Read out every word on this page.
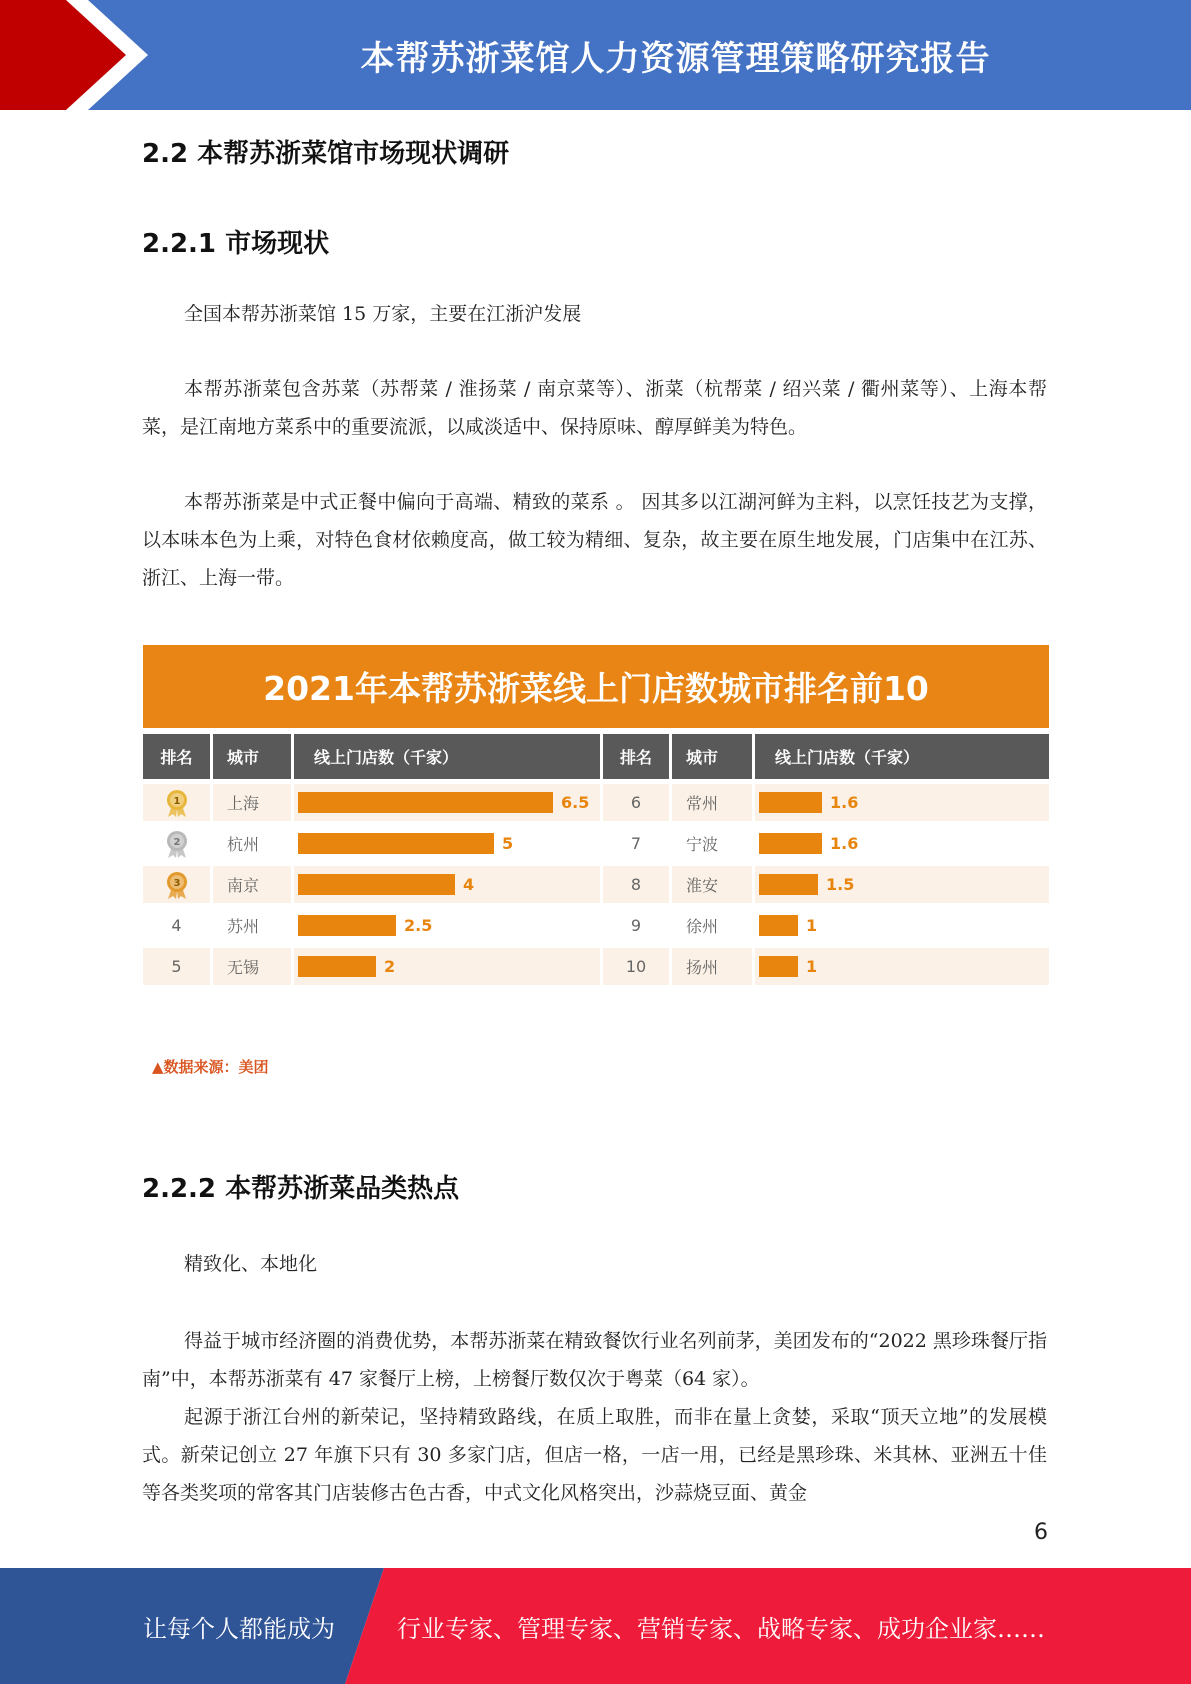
本帮苏浙菜馆人力资源管理策略研究报告
2.2 本帮苏浙菜馆市场现状调研
2.2.1 市场现状

全国本帮苏浙菜馆 15 万家，主要在江浙沪发展

本帮苏浙菜包含苏菜（苏帮菜 / 淮扬菜 / 南京菜等）、浙菜（杭帮菜 / 绍兴菜 / 衢州菜等）、上海本帮菜，是江南地方菜系中的重要流派，以咸淡适中、保持原味、醇厚鲜美为特色。

本帮苏浙菜是中式正餐中偏向于高端、精致的菜系 。 因其多以江湖河鲜为主料，以烹饪技艺为支撑，以本味本色为上乘，对特色食材依赖度高，做工较为精细、复杂，故主要在原生地发展，门店集中在江苏、浙江、上海一带。

2021年本帮苏浙菜线上门店数城市排名前10
排名	城市	线上门店数（千家）	排名	城市	线上门店数（千家）
1	上海	6.5
2	杭州	5
3	南京	4
4	苏州	2.5
5	无锡	2
6	常州	1.6
7	宁波	1.6
8	淮安	1.5
9	徐州	1
10	扬州	1
▲数据来源：美团
2.2.2 本帮苏浙菜品类热点

精致化、本地化

得益于城市经济圈的消费优势，本帮苏浙菜在精致餐饮行业名列前茅，美团发布的“2022 黑珍珠餐厅指南”中，本帮苏浙菜有 47 家餐厅上榜，上榜餐厅数仅次于粤菜（64 家）。

起源于浙江台州的新荣记，坚持精致路线，在质上取胜，而非在量上贪婪，采取“顶天立地”的发展模式。新荣记创立 27 年旗下只有 30 多家门店，但店一格，一店一用，已经是黑珍珠、米其林、亚洲五十佳等各类奖项的常客其门店装修古色古香，中式文化风格突出，沙蒜烧豆面、黄金

6
让每个人都能成为	行业专家、管理专家、营销专家、战略专家、成功企业家……
